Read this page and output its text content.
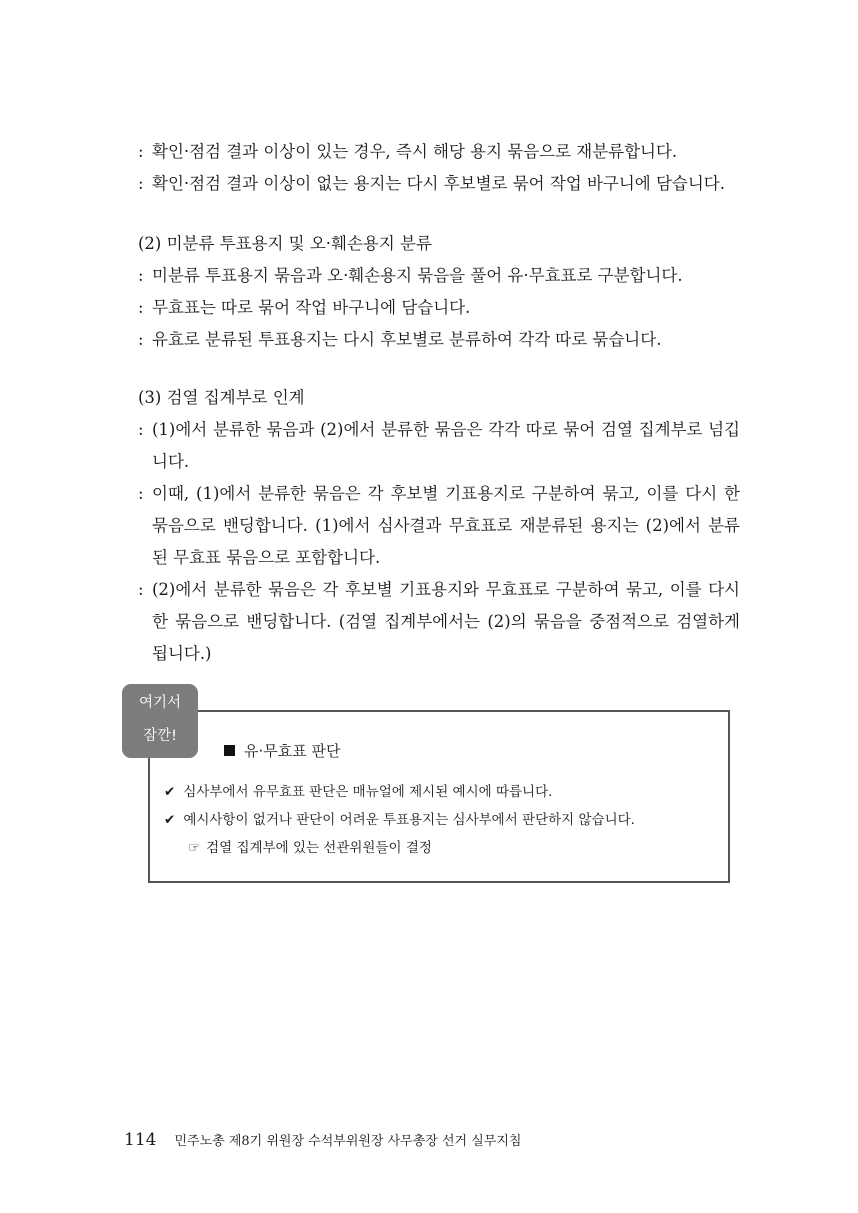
: 확인·점검 결과 이상이 있는 경우, 즉시 해당 용지 묶음으로 재분류합니다.
: 확인·점검 결과 이상이 없는 용지는 다시 후보별로 묶어 작업 바구니에 담습니다.
(2) 미분류 투표용지 및 오·훼손용지 분류
: 미분류 투표용지 묶음과 오·훼손용지 묶음을 풀어 유·무효표로 구분합니다.
: 무효표는 따로 묶어 작업 바구니에 담습니다.
: 유효로 분류된 투표용지는 다시 후보별로 분류하여 각각 따로 묶습니다.
(3) 검열 집계부로 인계
: (1)에서 분류한 묶음과 (2)에서 분류한 묶음은 각각 따로 묶어 검열 집계부로 넘깁니다.
: 이때, (1)에서 분류한 묶음은 각 후보별 기표용지로 구분하여 묶고, 이를 다시 한 묶음으로 밴딩합니다. (1)에서 심사결과 무효표로 재분류된 용지는 (2)에서 분류된 무효표 묶음으로 포함합니다.
: (2)에서 분류한 묶음은 각 후보별 기표용지와 무효표로 구분하여 묶고, 이를 다시 한 묶음으로 밴딩합니다. (검열 집계부에서는 (2)의 묶음을 중점적으로 검열하게 됩니다.)
여기서
잠깐!
유·무효표 판단
✔ 심사부에서 유무효표 판단은 매뉴얼에 제시된 예시에 따릅니다.
✔ 예시사항이 없거나 판단이 어려운 투표용지는 심사부에서 판단하지 않습니다.
☞ 검열 집계부에 있는 선관위원들이 결정
114 민주노총 제8기 위원장 수석부위원장 사무총장 선거 실무지침
